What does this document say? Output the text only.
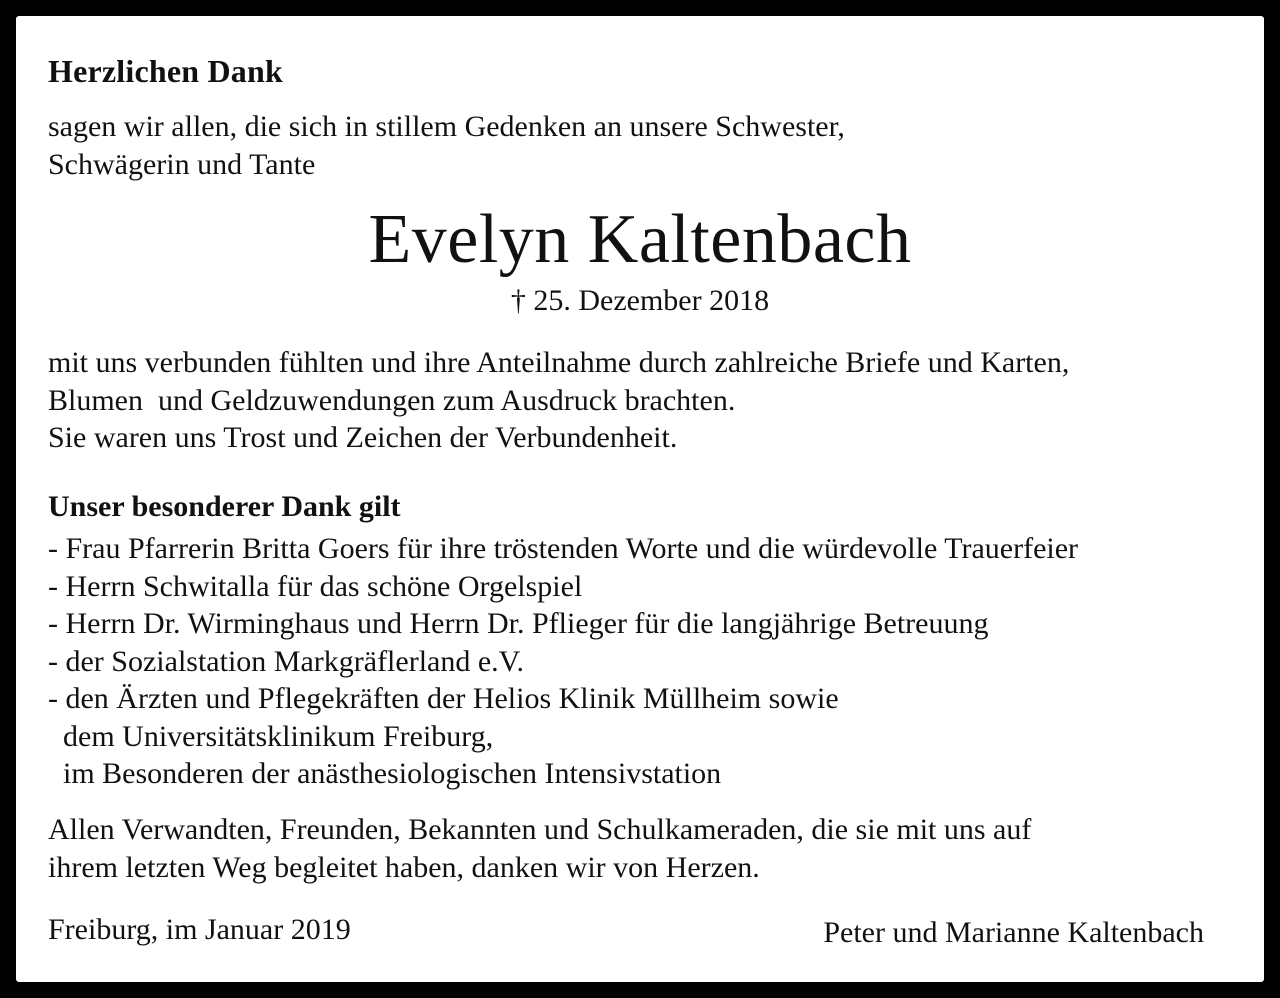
Herzlichen Dank

sagen wir allen, die sich in stillem Gedenken an unsere Schwester,

Schwägerin und Tante

Evelyn Kaltenbach
† 25. Dezember 2018

mit uns verbunden fühlten und ihre Anteilnahme durch zahlreiche Briefe und Karten,

Blumen  und Geldzuwendungen zum Ausdruck brachten.

Sie waren uns Trost und Zeichen der Verbundenheit.

Unser besonderer Dank gilt

- Frau Pfarrerin Britta Goers für ihre tröstenden Worte und die würdevolle Trauerfeier

- Herrn Schwitalla für das schöne Orgelspiel

- Herrn Dr. Wirminghaus und Herrn Dr. Pflieger für die langjährige Betreuung

- der Sozialstation Markgräflerland e.V.

- den Ärzten und Pflegekräften der Helios Klinik Müllheim sowie

dem Universitätsklinikum Freiburg,

im Besonderen der anästhesiologischen Intensivstation

Allen Verwandten, Freunden, Bekannten und Schulkameraden, die sie mit uns auf

ihrem letzten Weg begleitet haben, danken wir von Herzen.

Freiburg, im Januar 2019	Peter und Marianne Kaltenbach
